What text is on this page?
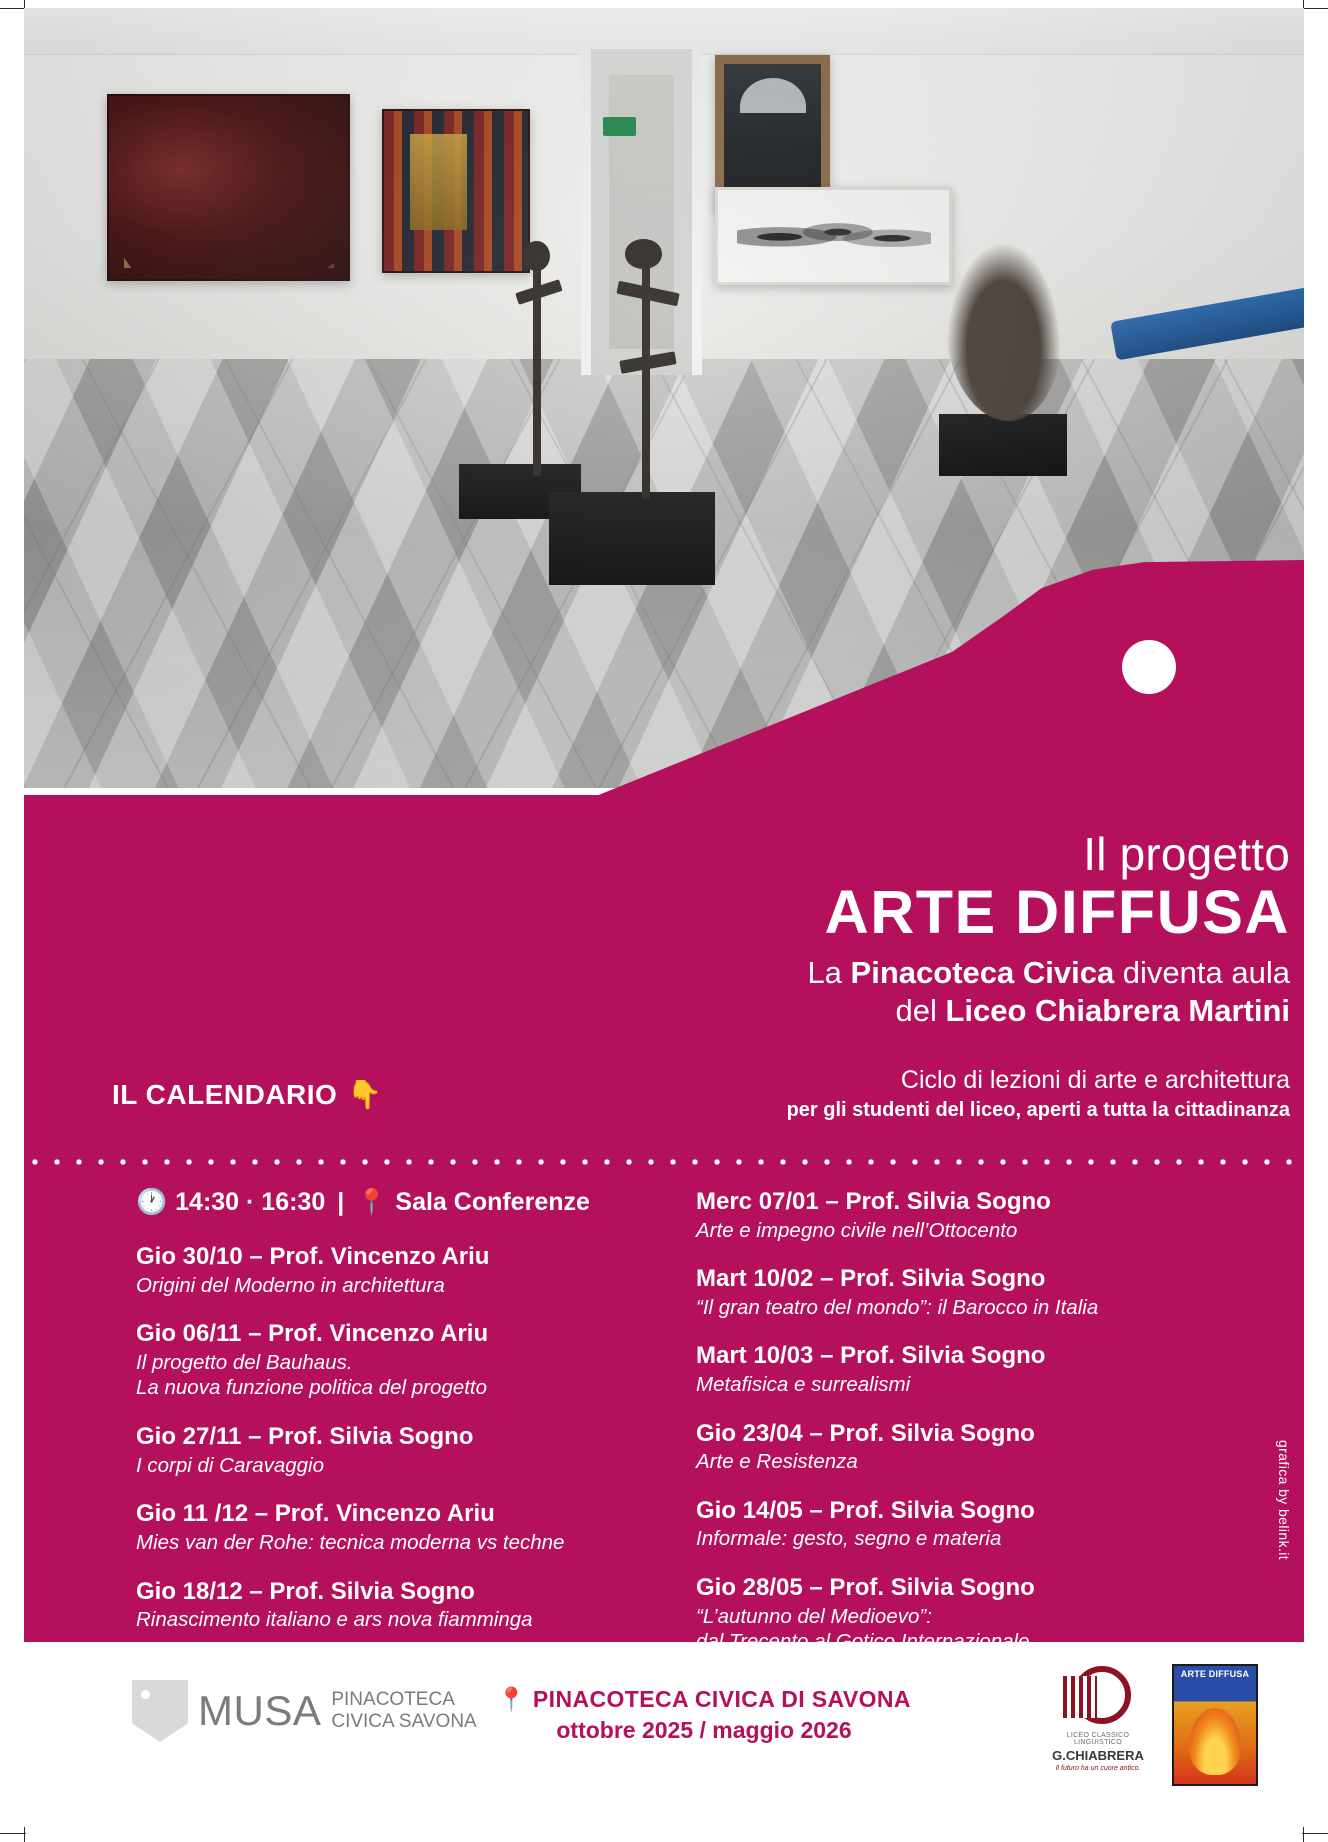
Il progetto
ARTE DIFFUSA
La Pinacoteca Civica diventa aula
del Liceo Chiabrera Martini
Ciclo di lezioni di arte e architettura
per gli studenti del liceo, aperti a tutta la cittadinanza
IL CALENDARIO 👇
🕐 14:30 · 16:30 | 📍 Sala Conferenze
Gio 30/10 – Prof. Vincenzo Ariu
Origini del Moderno in architettura
Gio 06/11 – Prof. Vincenzo Ariu
Il progetto del Bauhaus.
La nuova funzione politica del progetto
Gio 27/11 – Prof. Silvia Sogno
I corpi di Caravaggio
Gio 11 /12 – Prof. Vincenzo Ariu
Mies van der Rohe: tecnica moderna vs techne
Gio 18/12 – Prof. Silvia Sogno
Rinascimento italiano e ars nova fiamminga
Merc 07/01 – Prof. Silvia Sogno
Arte e impegno civile nell’Ottocento
Mart 10/02 – Prof. Silvia Sogno
“Il gran teatro del mondo”: il Barocco in Italia
Mart 10/03 – Prof. Silvia Sogno
Metafisica e surrealismi
Gio 23/04 – Prof. Silvia Sogno
Arte e Resistenza
Gio 14/05 – Prof. Silvia Sogno
Informale: gesto, segno e materia
Gio 28/05 – Prof. Silvia Sogno
“L’autunno del Medioevo”:

grafica by belink.it
MUSA PINACOTECA
CIVICA SAVONA
📍 PINACOTECA CIVICA DI SAVONA
ottobre 2025 / maggio 2026	LICEO CLASSICO LINGUISTICO
G.CHIABRERA
Il futuro ha un cuore antico.
ARTE DIFFUSA
